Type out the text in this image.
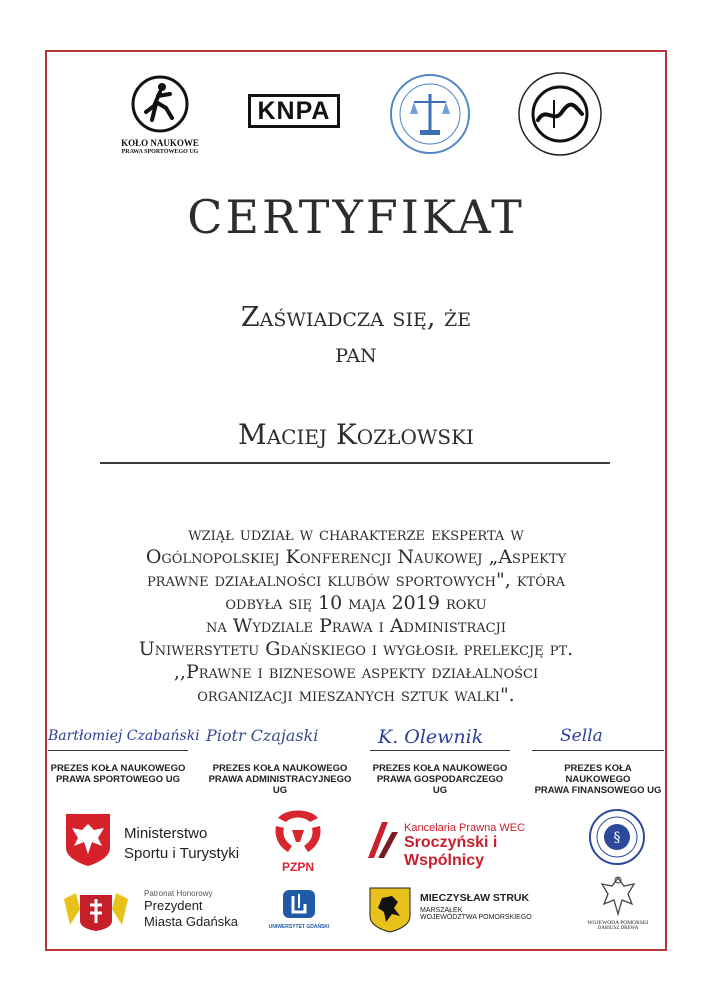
KOŁO NAUKOWE
PRAWA SPORTOWEGO UG
KNPA
CERTYFIKAT
Zaświadcza się, że
pan
Maciej Kozłowski
wziął udział w charakterze eksperta w
Ogólnopolskiej Konferencji Naukowej „Aspekty
prawne działalności klubów sportowych", która
odbyła się 10 maja 2019 roku
na Wydziale Prawa i Administracji
Uniwersytetu Gdańskiego i wygłosił prelekcję pt.
,,Prawne i biznesowe aspekty działalności
organizacji mieszanych sztuk walki".
Bartłomiej Czabański
PREZES KOŁA NAUKOWEGO
PRAWA SPORTOWEGO UG
Piotr Czajaski
PREZES KOŁA NAUKOWEGO
PRAWA ADMINISTRACYJNEGO UG
K. Olewnik
PREZES KOŁA NAUKOWEGO
PRAWA GOSPODARCZEGO UG
Sella
PREZES KOŁA NAUKOWEGO
PRAWA FINANSOWEGO UG
Ministerstwo
Sportu i Turystyki
PZPN
Kancelaria Prawna WEC
Sroczyński i Wspólnicy
§
Patronat Honorowy
Prezydent
Miasta Gdańska	UNIWERSYTET GDAŃSKI
MIECZYSŁAW STRUK
MARSZAŁEK
WOJEWÓDZTWA POMORSKIEGO
WOJEWODA POMORSKI
DARIUSZ DREWA
